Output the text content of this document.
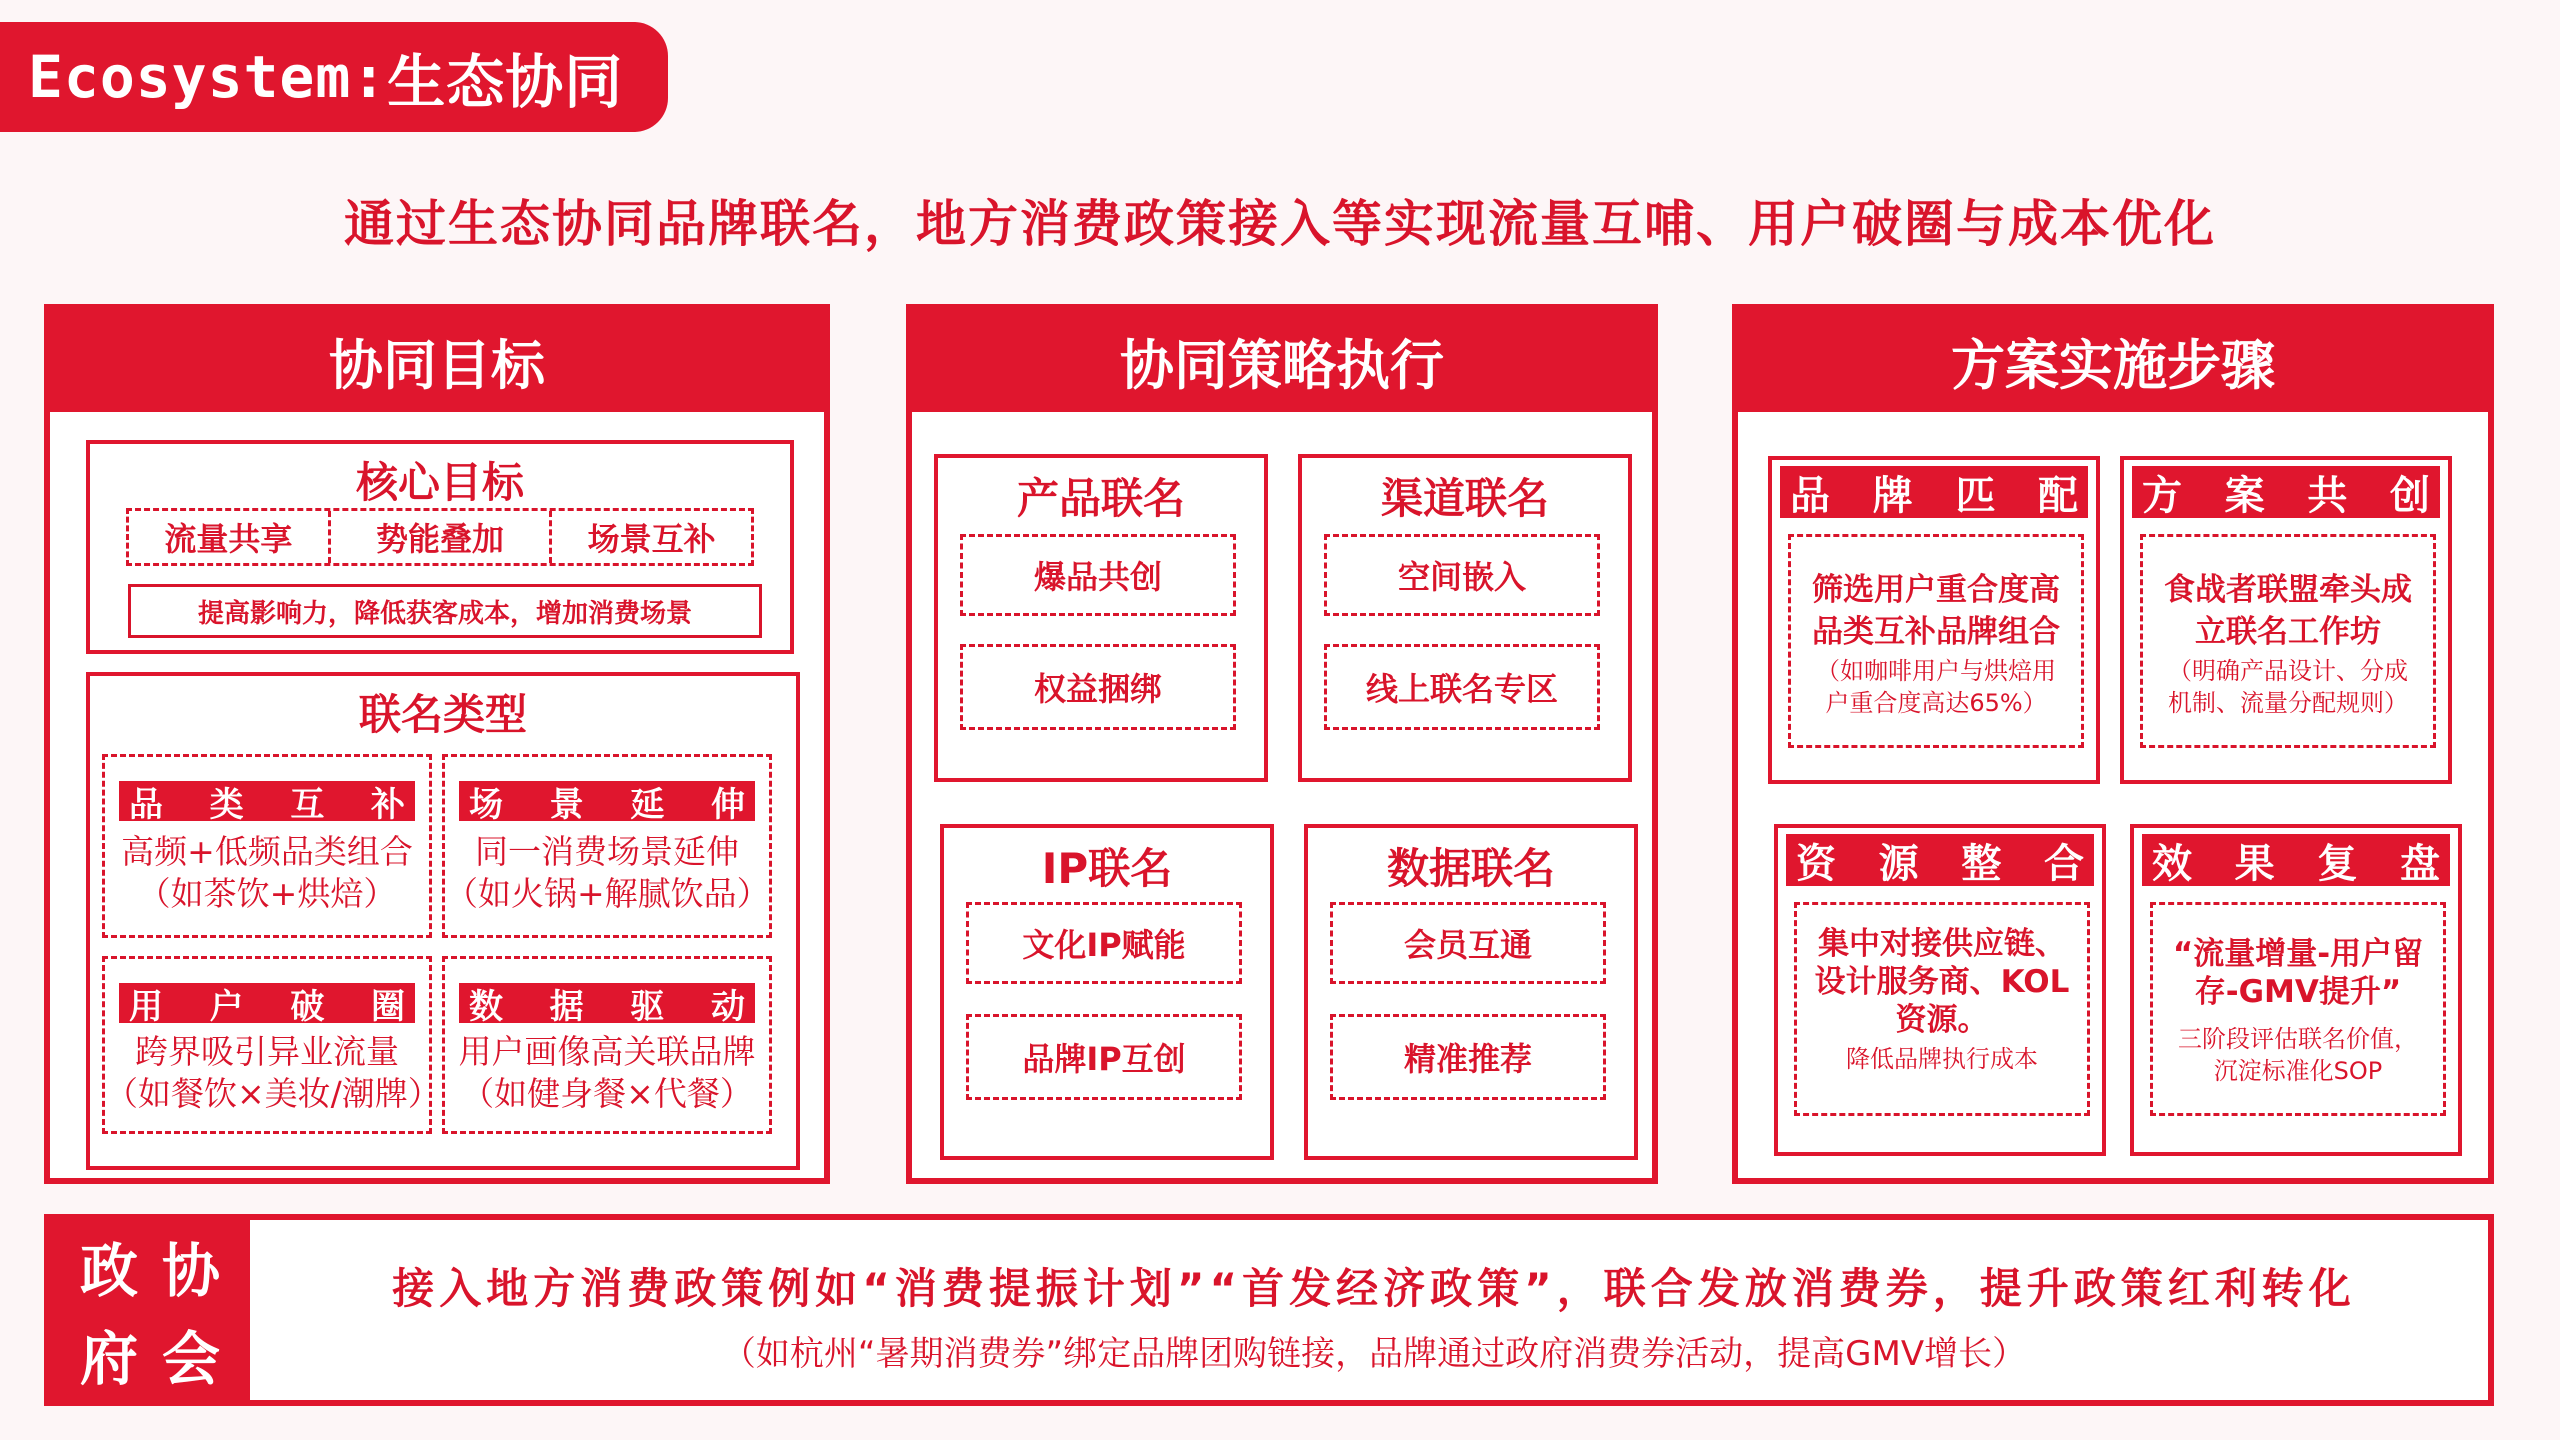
Ecosystem: 生态协同
通过生态协同品牌联名，地方消费政策接入等实现流量互哺、用户破圈与成本优化
协同目标
核心目标
流量共享	势能叠加	场景互补
提高影响力，降低获客成本，增加消费场景
联名类型
品 类 互 补
高频+低频品类组合
（如茶饮+烘焙）
场 景 延 伸
同一消费场景延伸
（如火锅+解腻饮品）
用 户 破 圈
跨界吸引异业流量
（如餐饮×美妆/潮牌）
数 据 驱 动
用户画像高关联品牌
（如健身餐×代餐）
协同策略执行
产品联名
爆品共创
权益捆绑
渠道联名
空间嵌入
线上联名专区
IP联名
文化IP赋能
品牌IP互创
数据联名
会员互通
精准推荐
方案实施步骤
品 牌 匹 配
筛选用户重合度高品类互补品牌组合
（如咖啡用户与烘焙用户重合度高达65%）
方 案 共 创
食战者联盟牵头成立联名工作坊
（明确产品设计、分成机制、流量分配规则）
资 源 整 合
集中对接供应链、设计服务商、KOL资源。
降低品牌执行成本
效 果 复 盘
“流量增量-用户留存-GMV提升”
三阶段评估联名价值，沉淀标准化SOP
政 协
府 会
接入地方消费政策例如“消费提振计划”“首发经济政策”，联合发放消费券，提升政策红利转化
（如杭州“暑期消费券”绑定品牌团购链接，品牌通过政府消费券活动，提高GMV增长）
